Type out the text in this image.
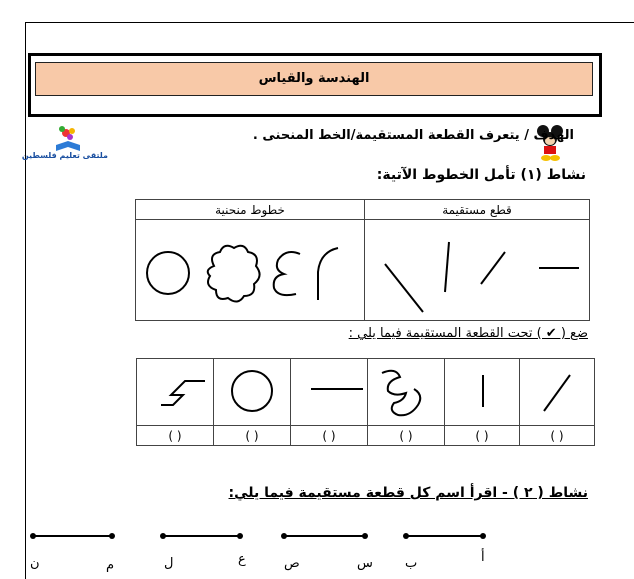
الهندسة والقياس
ملتقى تعليم فلسطين
الهدف / يتعرف القطعة المستقيمة/الخط المنحنى .
نشاط (١) تأمل الخطوط الآتية:
خطوط منحنية	قطع مستقيمة

ضع ( ✔ ) تحت القطعة المستقيمة فيما يلي :

( )	( )	( )	( )	( )	( )
نشاط ( ٢ ) - اقرأ اسم كل قطعة مستقيمة فيما يلي:
أ
ب
س
ص
ع
ل
م
ن
